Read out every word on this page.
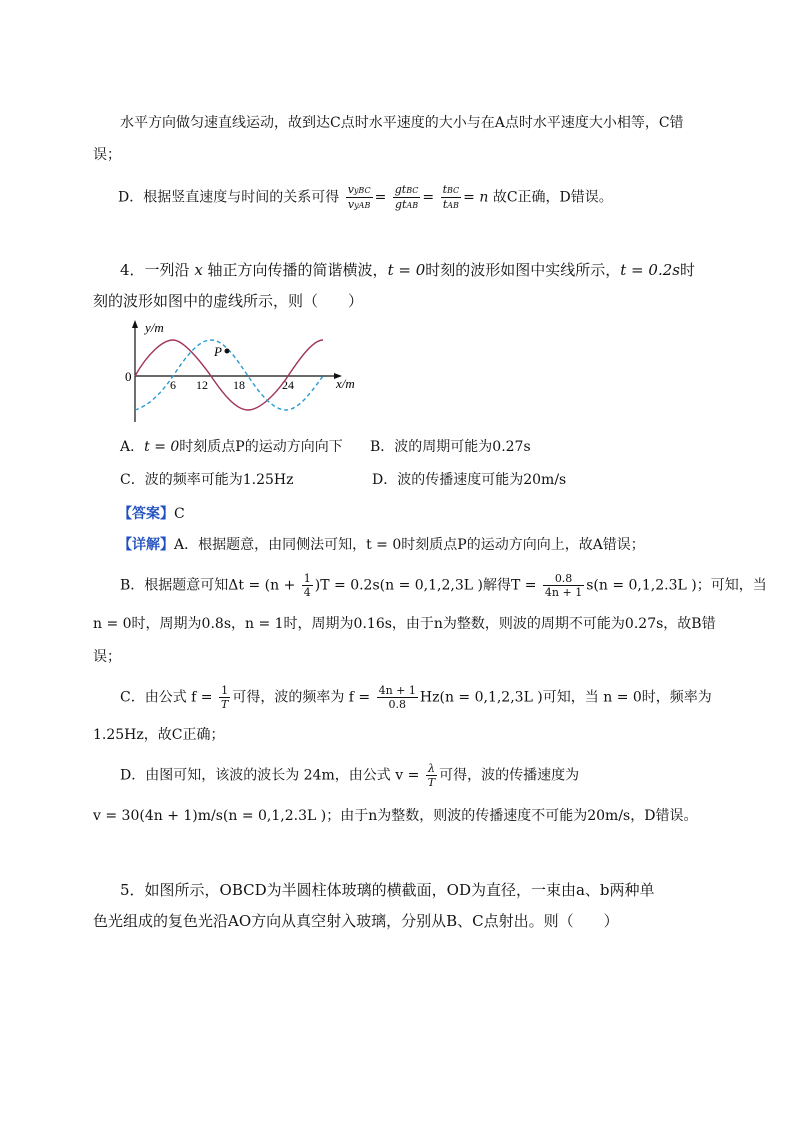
水平方向做匀速直线运动，故到达C点时水平速度的大小与在A点时水平速度大小相等，C错
误；
D．根据竖直速度与时间的关系可得 $\frac{\text{vyBC}}{\text{vyAB}} = \frac{\text{gtBC}}{\text{gtAB}} = \frac{\text{tBC}}{\text{tAB}} = n$ 故C正确，D错误。
4．一列沿 x 轴正方向传播的简谐横波，t = 0时刻的波形如图中实线所示，t = 0.2s时
刻的波形如图中的虚线所示，则（　　）
y/m
x/m
0
6 12 18	24
P
A．t = 0时刻质点P的运动方向向下 B．波的周期可能为0.27s
C．波的频率可能为1.25Hz	D．波的传播速度可能为20m/s
【答案】C
【详解】A．根据题意，由同侧法可知，t = 0时刻质点P的运动方向向上，故A错误；
B．根据题意可知$\Delta t = (n + \frac{1}{4} )T = 0.2s(n = 0,1,2,3L$ )解得$T = \frac{0.8}{4n + 1} s(n = 0,1,2.3L$ )；可知，当
n = 0时，周期为0.8s，n = 1时，周期为0.16s，由于n为整数，则波的周期不可能为0.27s，故B错
误；
C．由公式 $f = \frac{1}{T}$ 可得，波的频率为 $f = \frac{4n + 1}{0.8} Hz(n = 0,1,2,3L$ )可知，当 n = 0时，频率为
1.25Hz，故C正确；
D．由图可知，该波的波长为 24m，由公式 $v = \frac{\lambda}{T}$ 可得，波的传播速度为
v = 30(4n + 1)m/s(n = 0,1,2.3L )；由于n为整数，则波的传播速度不可能为20m/s，D错误。
5．如图所示，OBCD为半圆柱体玻璃的横截面，OD为直径，一束由a、b两种单
色光组成的复色光沿AO方向从真空射入玻璃，分别从B、C点射出。则（　　）
